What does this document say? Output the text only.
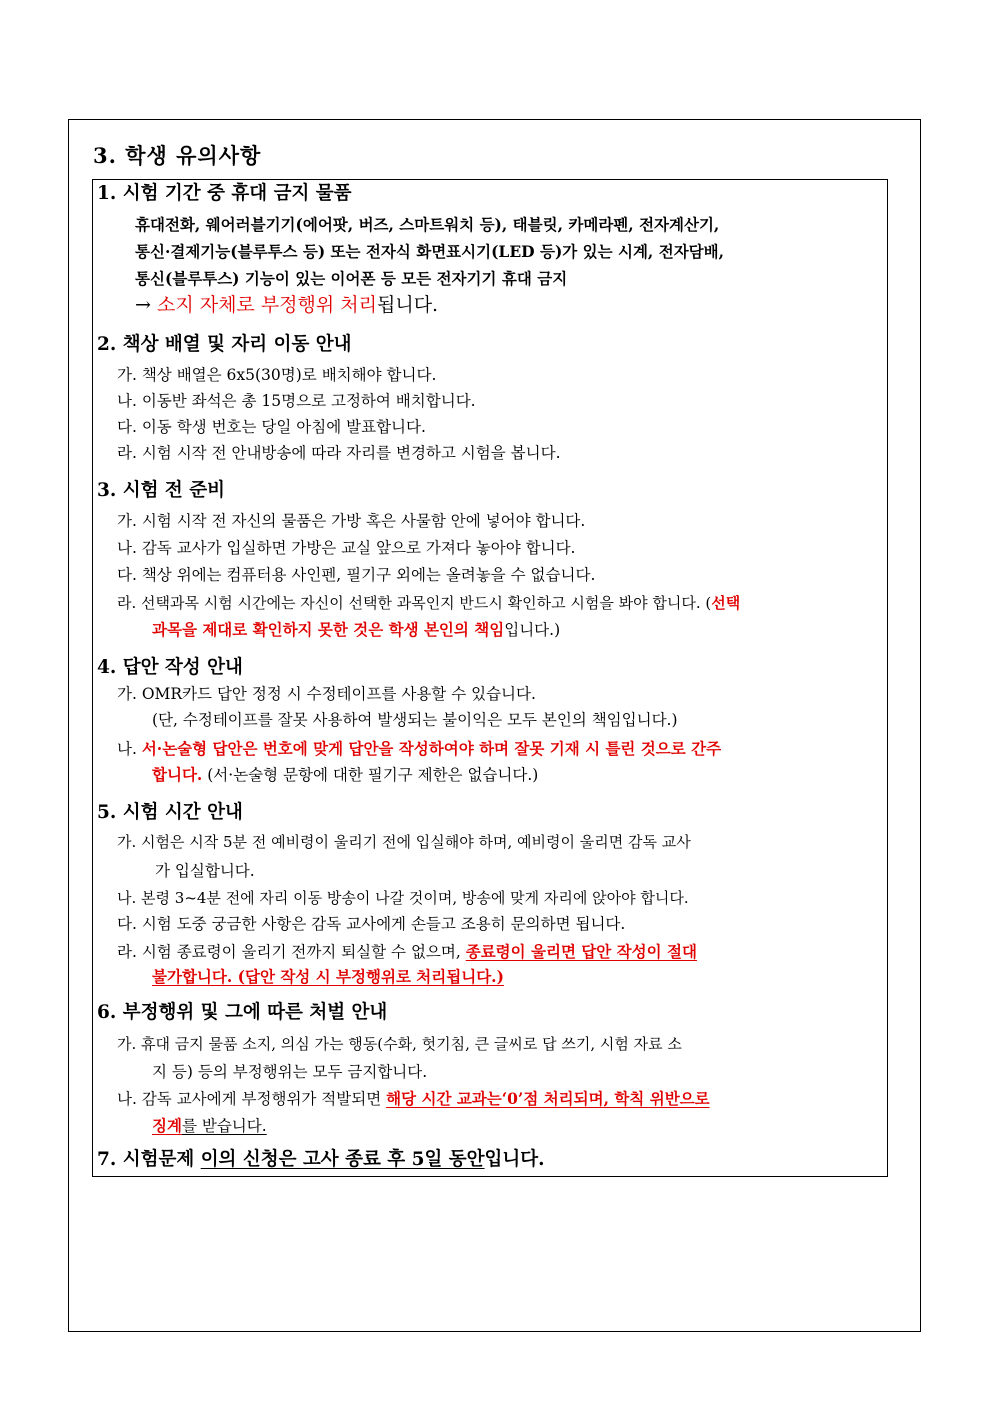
3. 학생 유의사항
1. 시험 기간 중 휴대 금지 물품
휴대전화, 웨어러블기기(에어팟, 버즈, 스마트워치 등), 태블릿, 카메라펜, 전자계산기,
통신·결제기능(블루투스 등) 또는 전자식 화면표시기(LED 등)가 있는 시계, 전자담배,
통신(블루투스) 기능이 있는 이어폰 등 모든 전자기기 휴대 금지
→ 소지 자체로 부정행위 처리됩니다.
2. 책상 배열 및 자리 이동 안내
가. 책상 배열은 6x5(30명)로 배치해야 합니다.
나. 이동반 좌석은 총 15명으로 고정하여 배치합니다.
다. 이동 학생 번호는 당일 아침에 발표합니다.
라. 시험 시작 전 안내방송에 따라 자리를 변경하고 시험을 봅니다.
3. 시험 전 준비
가. 시험 시작 전 자신의 물품은 가방 혹은 사물함 안에 넣어야 합니다.
나. 감독 교사가 입실하면 가방은 교실 앞으로 가져다 놓아야 합니다.
다. 책상 위에는 컴퓨터용 사인펜, 필기구 외에는 올려놓을 수 없습니다.
라. 선택과목 시험 시간에는 자신이 선택한 과목인지 반드시 확인하고 시험을 봐야 합니다. (선택
과목을 제대로 확인하지 못한 것은 학생 본인의 책임입니다.)
4. 답안 작성 안내
가. OMR카드 답안 정정 시 수정테이프를 사용할 수 있습니다.
(단, 수정테이프를 잘못 사용하여 발생되는 불이익은 모두 본인의 책임입니다.)
나. 서·논술형 답안은 번호에 맞게 답안을 작성하여야 하며 잘못 기재 시 틀린 것으로 간주
합니다. (서·논술형 문항에 대한 필기구 제한은 없습니다.)
5. 시험 시간 안내
가. 시험은 시작 5분 전 예비령이 울리기 전에 입실해야 하며, 예비령이 울리면 감독 교사
가 입실합니다.
나. 본령 3~4분 전에 자리 이동 방송이 나갈 것이며, 방송에 맞게 자리에 앉아야 합니다.
다. 시험 도중 궁금한 사항은 감독 교사에게 손들고 조용히 문의하면 됩니다.
라. 시험 종료령이 울리기 전까지 퇴실할 수 없으며, 종료령이 울리면 답안 작성이 절대
불가합니다. (답안 작성 시 부정행위로 처리됩니다.)
6. 부정행위 및 그에 따른 처벌 안내
가. 휴대 금지 물품 소지, 의심 가는 행동(수화, 헛기침, 큰 글씨로 답 쓰기, 시험 자료 소
지 등) 등의 부정행위는 모두 금지합니다.
나. 감독 교사에게 부정행위가 적발되면 해당 시간 교과는‘0’점 처리되며, 학칙 위반으로
징계를 받습니다.
7. 시험문제 이의 신청은 고사 종료 후 5일 동안입니다.
